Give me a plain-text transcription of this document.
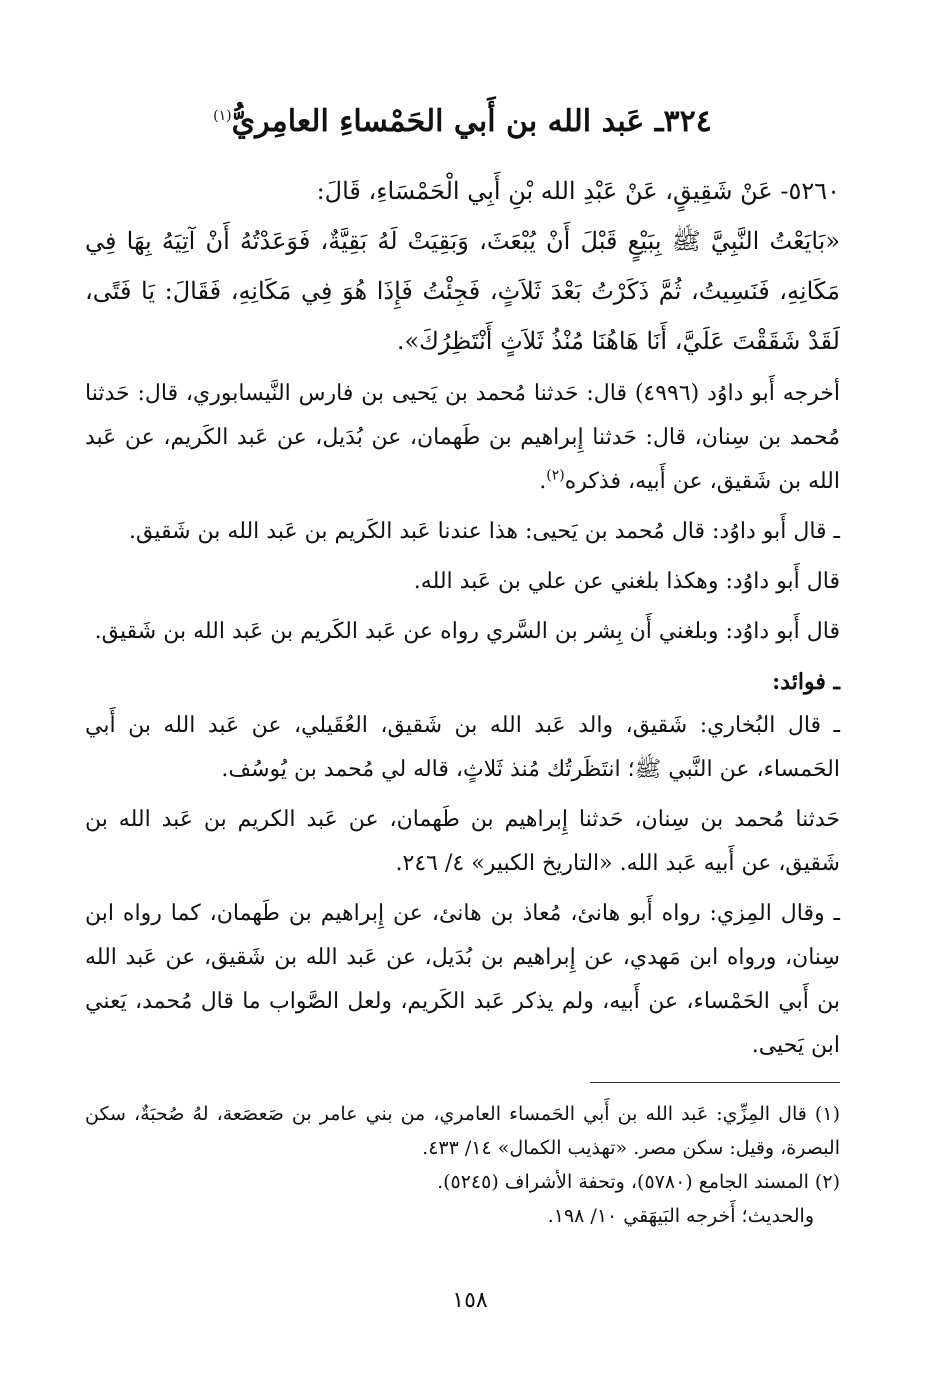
٣٢٤ـ عَبد الله بن أَبي الحَمْساءِ العامِريُّ$^{(١)}$
٥٢٦٠- عَنْ شَقِيقٍ، عَنْ عَبْدِ الله بْنِ أَبِي الْحَمْسَاءِ، قَالَ:
«بَايَعْتُ النَّبِيَّ ﷺ بِبَيْعٍ قَبْلَ أَنْ يُبْعَثَ، وَبَقِيَتْ لَهُ بَقِيَّةٌ، فَوَعَدْتُهُ أَنْ آتِيَهُ بِهَا فِي مَكَانِهِ، فَنَسِيتُ، ثُمَّ ذَكَرْتُ بَعْدَ ثَلاَثٍ، فَجِئْتُ فَإِذَا هُوَ فِي مَكَانِهِ، فَقَالَ: يَا فَتًى، لَقَدْ شَقَقْتَ عَلَيَّ، أَنَا هَاهُنَا مُنْذُ ثَلاَثٍ أَنْتَظِرُكَ».

أخرجه أَبو داوُد (٤٩٩٦) قال: حَدثنا مُحمد بن يَحيى بن فارس النَّيسابوري، قال: حَدثنا مُحمد بن سِنان، قال: حَدثنا إِبراهيم بن طَهمان، عن بُدَيل، عن عَبد الكَريم، عن عَبد الله بن شَقيق، عن أَبيه، فذكره$^{(٢)}$.

ـ قال أَبو داوُد: قال مُحمد بن يَحيى: هذا عندنا عَبد الكَريم بن عَبد الله بن شَقيق.

قال أَبو داوُد: وهكذا بلغني عن علي بن عَبد الله.

قال أَبو داوُد: وبلغني أَن بِشر بن السَّري رواه عن عَبد الكَريم بن عَبد الله بن شَقيق.

ـ فوائد:

ـ قال البُخاري: شَقيق، والد عَبد الله بن شَقيق، العُقَيلي، عن عَبد الله بن أَبي الحَمساء، عن النَّبي ﷺ؛ انتَظَرتُك مُنذ ثَلاثٍ، قاله لي مُحمد بن يُوسُف.

حَدثنا مُحمد بن سِنان، حَدثنا إِبراهيم بن طَهمان، عن عَبد الكريم بن عَبد الله بن شَقيق، عن أَبيه عَبد الله. «التاريخ الكبير» ٤/ ٢٤٦.

ـ وقال المِزي: رواه أَبو هانئ، مُعاذ بن هانئ، عن إِبراهيم بن طَهمان، كما رواه ابن سِنان، ورواه ابن مَهدي، عن إِبراهيم بن بُدَيل، عن عَبد الله بن شَقيق، عن عَبد الله بن أَبي الحَمْساء، عن أَبيه، ولم يذكر عَبد الكَريم، ولعل الصَّواب ما قال مُحمد، يَعني ابن يَحيى.

(١) قال المِزِّي: عَبد الله بن أَبي الحَمساء العامري، من بني عامر بن صَعصَعة، لهُ صُحبَةٌ، سكن البصرة، وقيل: سكن مصر. «تهذيب الكمال» ١٤/ ٤٣٣.

(٢) المسند الجامع (٥٧٨٠)، وتحفة الأشراف (٥٢٤٥).

والحديث؛ أَخرجه البَيهَقي ١٠/ ١٩٨.

١٥٨
